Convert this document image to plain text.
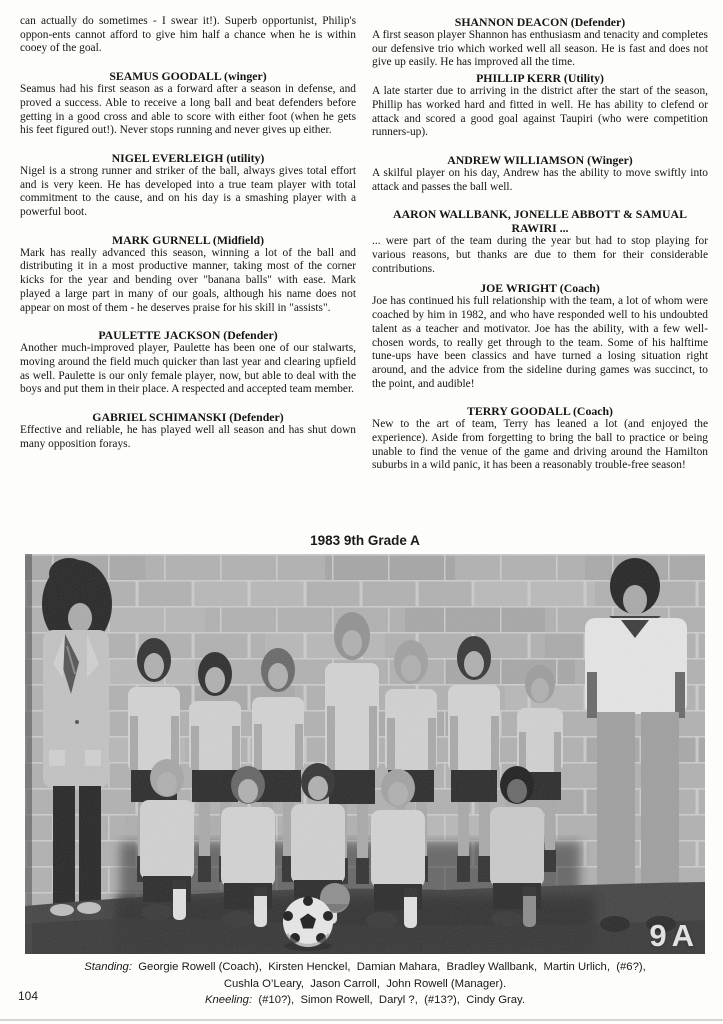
can actually do sometimes - I swear it!). Superb opportunist, Philip's oppon-ents cannot afford to give him half a chance when he is within cooey of the goal.

SEAMUS GOODALL (winger)

Seamus had his first season as a forward after a season in defense, and proved a success. Able to receive a long ball and beat defenders before getting in a good cross and able to score with either foot (when he gets his feet figured out!). Never stops running and never gives up either.

NIGEL EVERLEIGH (utility)

Nigel is a strong runner and striker of the ball, always gives total effort and is very keen. He has developed into a true team player with total commitment to the cause, and on his day is a smashing player with a powerful boot.

MARK GURNELL (Midfield)

Mark has really advanced this season, winning a lot of the ball and distributing it in a most productive manner, taking most of the corner kicks for the year and bending over "banana balls" with ease. Mark played a large part in many of our goals, although his name does not appear on most of them - he deserves praise for his skill in "assists".

PAULETTE JACKSON (Defender)

Another much-improved player, Paulette has been one of our stalwarts, moving around the field much quicker than last year and clearing upfield as well. Paulette is our only female player, now, but able to deal with the boys and put them in their place. A respected and accepted team member.

GABRIEL SCHIMANSKI (Defender)

Effective and reliable, he has played well all season and has shut down many opposition forays.

SHANNON DEACON (Defender)

A first season player Shannon has enthusiasm and tenacity and completes our defensive trio which worked well all season. He is fast and does not give up easily. He has improved all the time.

PHILLIP KERR (Utility)

A late starter due to arriving in the district after the start of the season, Phillip has worked hard and fitted in well. He has ability to clefend or attack and scored a good goal against Taupiri (who were competition runners-up).

ANDREW WILLIAMSON (Winger)

A skilful player on his day, Andrew has the ability to move swiftly into attack and passes the ball well.

AARON WALLBANK, JONELLE ABBOTT & SAMUAL
RAWIRI ...

... were part of the team during the year but had to stop playing for various reasons, but thanks are due to them for their considerable contributions.

JOE WRIGHT (Coach)

Joe has continued his full relationship with the team, a lot of whom were coached by him in 1982, and who have responded well to his undoubted talent as a teacher and motivator. Joe has the ability, with a few well-chosen words, to really get through to the team. Some of his halftime tune-ups have been classics and have turned a losing situation right around, and the advice from the sideline during games was succinct, to the point, and audible!

TERRY GOODALL (Coach)

New to the art of team, Terry has leaned a lot (and enjoyed the experience). Aside from forgetting to bring the ball to practice or being unable to find the venue of the game and driving around the Hamilton suburbs in a wild panic, it has been a reasonably trouble-free season!

1983 9th Grade A
9A
Standing:  Georgie Rowell (Coach),  Kirsten Henckel,  Damian Mahara,  Bradley Wallbank,  Martin Urlich,  (#6?),
Cushla O’Leary,  Jason Carroll,  John Rowell (Manager).
Kneeling:  (#10?),  Simon Rowell,  Daryl ?,  (#13?),  Cindy Gray.
104
